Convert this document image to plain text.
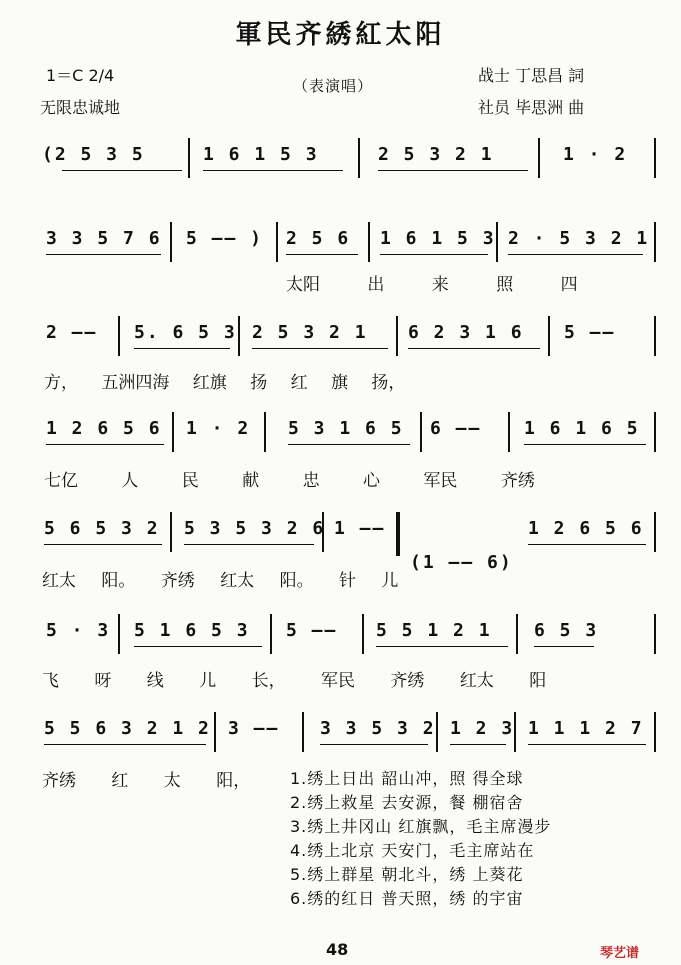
軍民齐綉紅太阳
1＝C 2/4
（表演唱）
无限忠诚地
战士 丁思昌 詞
社员 毕思洲 曲
(2 5 3 5	1 6 1 5 3	2 5 3 2 1	1 · 2
3 3 5 7 6 5 —— ) 2 5 6 1 6 1 5 3 2 · 5 3 2 1
太阳 出 来 照 四
2 —— 5. 6 5 3 2 5 3 2 1 6 2 3 1 6 5 ——
方， 五洲四海 红旗 扬 红 旗 扬，
1 2 6 5 6 1 · 2 5 3 1 6 5 6 —— 1 6 1 6 5
七亿 人 民 献 忠 心 军民 齐绣
5 6 5 3 2 5 3 5 3 2 6 1 ——
(1 —— 6)
1 2 6 5 6
红太 阳。 齐绣 红太 阳。 针 儿
5 · 3 5 1 6 5 3 5 —— 5 5 1 2 1 6 5 3
飞 呀 线 儿 长， 军民 齐绣 红太 阳
5 5 6 3 2 1 2 3 —— 3 3 5 3 2 1 2 3 1 1 1 2 7
齐绣 红 太 阳， 1.绣上日出 韶山冲，照 得全球
2.绣上救星 去安源，餐 棚宿舍
3.绣上井冈山 红旗飘，毛主席漫步
4.绣上北京 天安门，毛主席站在
5.绣上群星 朝北斗，绣 上葵花
6.绣的红日 普天照，绣 的宇宙
48	琴艺谱
